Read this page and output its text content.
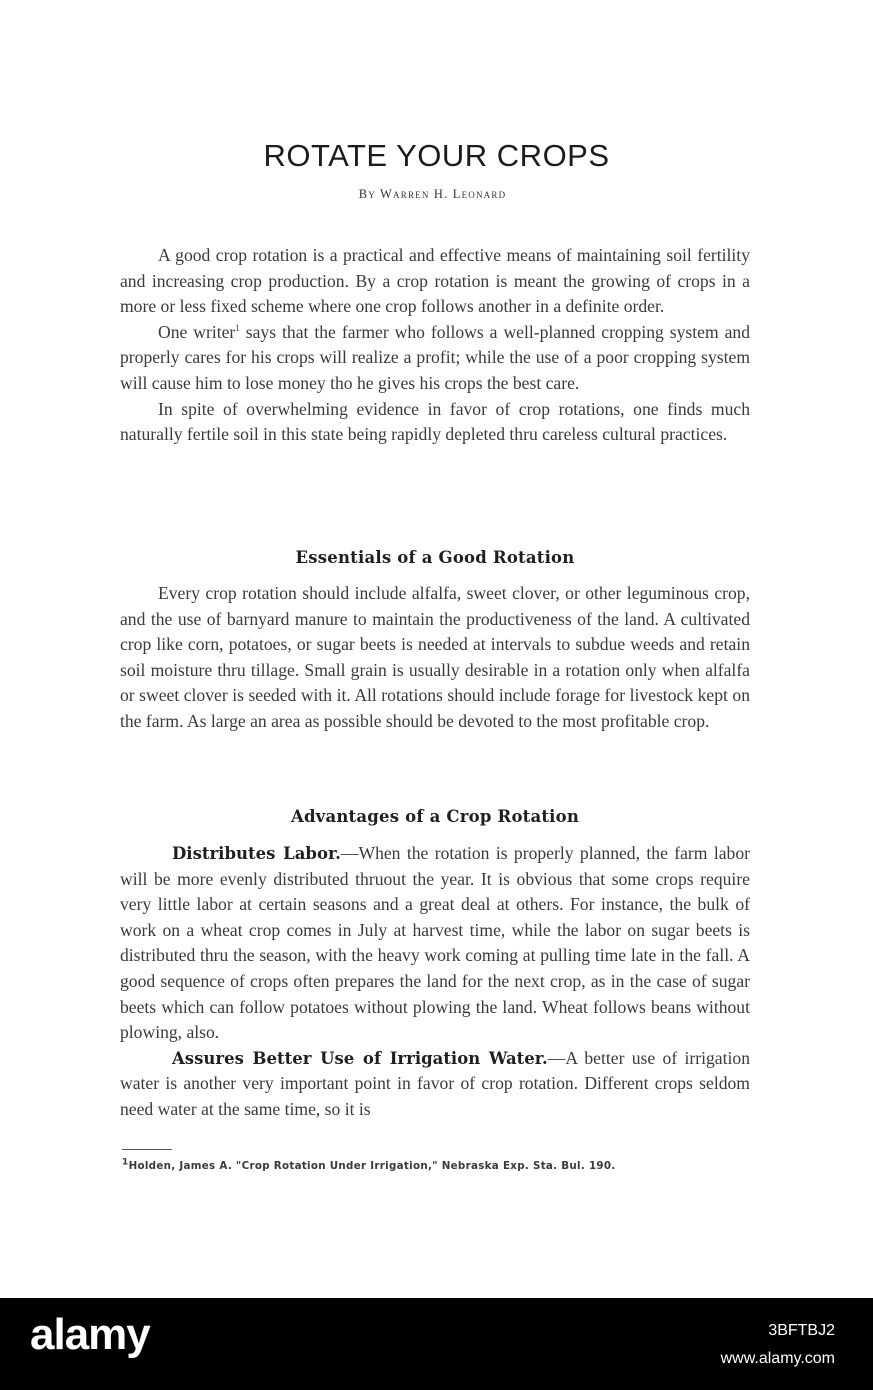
ROTATE YOUR CROPS
By Warren H. Leonard

A good crop rotation is a practical and effective means of maintaining soil fertility and increasing crop production. By a crop rotation is meant the growing of crops in a more or less fixed scheme where one crop follows another in a definite order.

One writer$^1$ says that the farmer who follows a well-planned cropping system and properly cares for his crops will realize a profit; while the use of a poor cropping system will cause him to lose money tho he gives his crops the best care.

In spite of overwhelming evidence in favor of crop rotations, one finds much naturally fertile soil in this state being rapidly depleted thru careless cultural practices.

Essentials of a Good Rotation

Every crop rotation should include alfalfa, sweet clover, or other leguminous crop, and the use of barnyard manure to maintain the productiveness of the land. A cultivated crop like corn, potatoes, or sugar beets is needed at intervals to subdue weeds and retain soil moisture thru tillage. Small grain is usually desirable in a rotation only when alfalfa or sweet clover is seeded with it. All rotations should include forage for livestock kept on the farm. As large an area as possible should be devoted to the most profitable crop.

Advantages of a Crop Rotation

Distributes Labor.—When the rotation is properly planned, the farm labor will be more evenly distributed thruout the year. It is obvious that some crops require very little labor at certain seasons and a great deal at others. For instance, the bulk of work on a wheat crop comes in July at harvest time, while the labor on sugar beets is distributed thru the season, with the heavy work coming at pulling time late in the fall. A good sequence of crops often prepares the land for the next crop, as in the case of sugar beets which can follow potatoes without plowing the land. Wheat follows beans without plowing, also.

Assures Better Use of Irrigation Water.—A better use of irrigation water is another very important point in favor of crop rotation. Different crops seldom need water at the same time, so it is

$^1$Holden, James A. "Crop Rotation Under Irrigation," Nebraska Exp. Sta. Bul. 190.
alamy	3BFTBJ2
www.alamy.com
